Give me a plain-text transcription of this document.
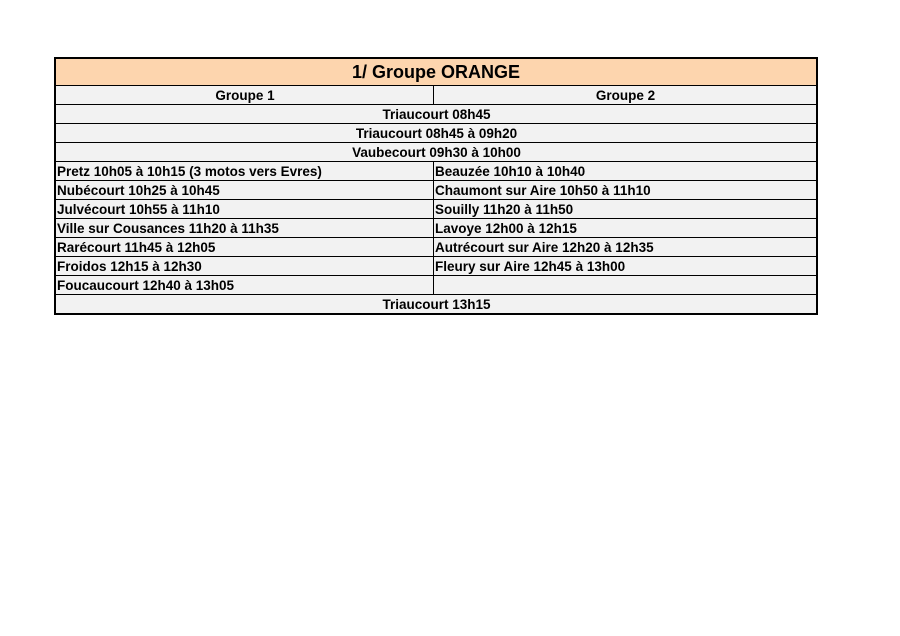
1/ Groupe ORANGE
Groupe 1	Groupe 2
Triaucourt 08h45
Triaucourt 08h45 à 09h20
Vaubecourt 09h30 à 10h00
Pretz 10h05 à 10h15 (3 motos vers Evres)	Beauzée 10h10 à 10h40
Nubécourt 10h25 à 10h45	Chaumont sur Aire 10h50 à 11h10
Julvécourt 10h55 à 11h10	Souilly 11h20 à 11h50
Ville sur Cousances 11h20 à 11h35	Lavoye 12h00 à 12h15
Rarécourt 11h45 à 12h05	Autrécourt sur Aire 12h20 à 12h35
Froidos 12h15 à 12h30	Fleury sur Aire 12h45 à 13h00
Foucaucourt 12h40 à 13h05
Triaucourt 13h15
